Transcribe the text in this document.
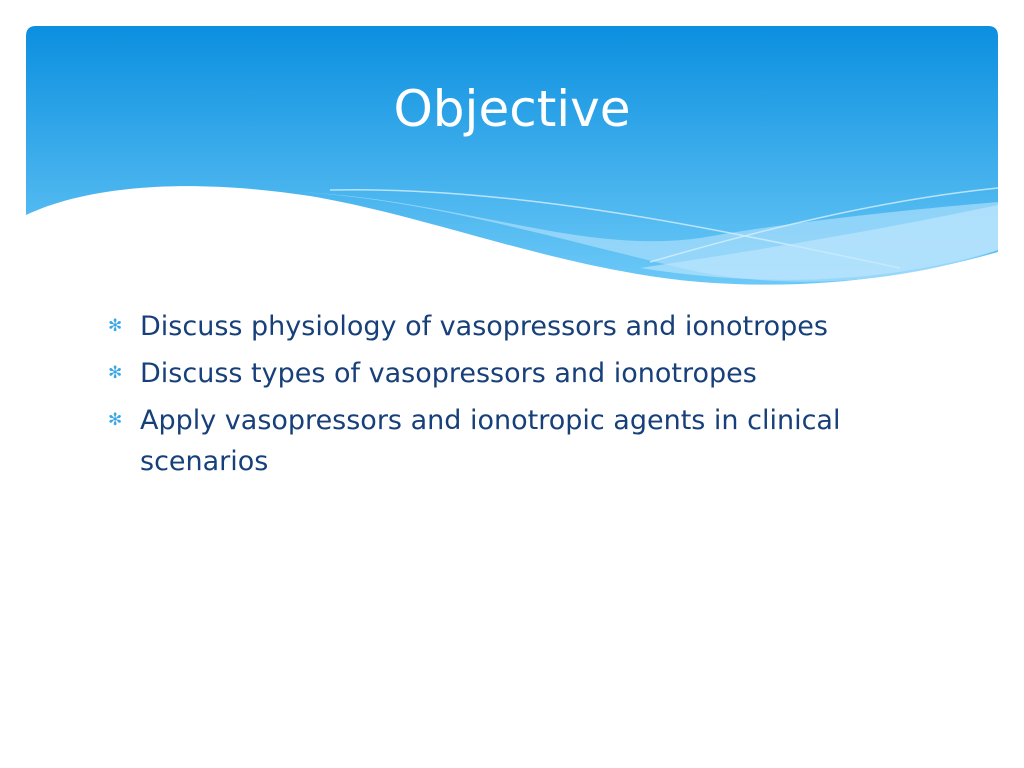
Objective
✻ Discuss physiology of vasopressors and ionotropes
✻ Discuss types of vasopressors and ionotropes
✻ Apply vasopressors and ionotropic agents in clinical scenarios
